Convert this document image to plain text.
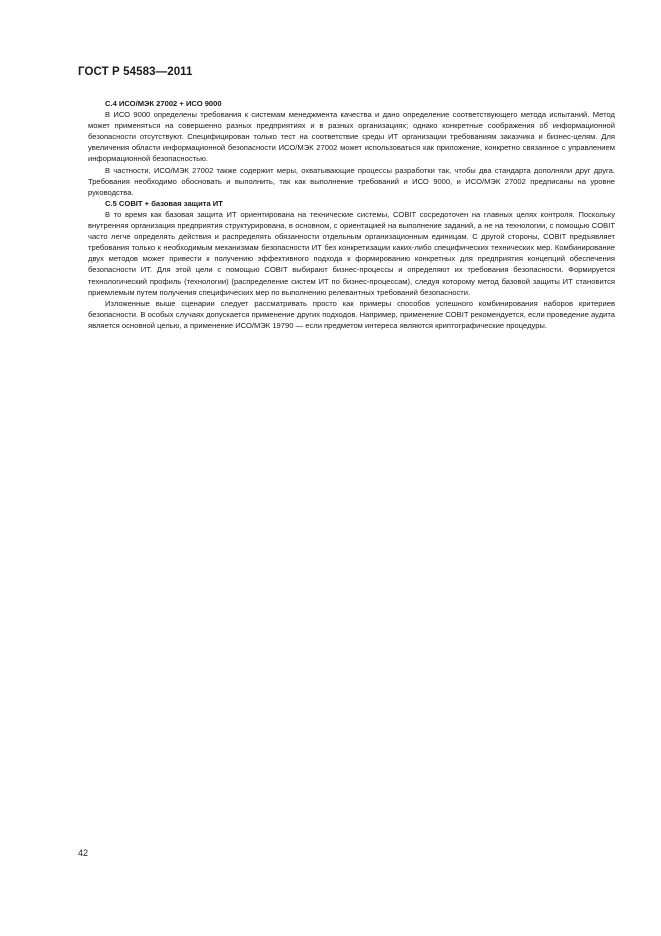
ГОСТ Р 54583—2011

C.4 ИСО/МЭК 27002 + ИСО 9000

В ИСО 9000 определены требования к системам менеджмента качества и дано определение соответствующего метода испытаний. Метод может применяться на совершенно разных предприятиях и в разных организациях; однако конкретные соображения об информационной безопасности отсутствуют. Специфицирован только тест на соответствие среды ИТ организации требованиям заказчика и бизнес-целям. Для увеличения области информационной безопасности ИСО/МЭК 27002 может использоваться как приложение, конкретно связанное с управлением информационной безопасностью.

В частности, ИСО/МЭК 27002 также содержит меры, охватывающие процессы разработки так, чтобы два стандарта дополняли друг друга. Требования необходимо обосновать и выполнить, так как выполнение требований и ИСО 9000, и ИСО/МЭК 27002 предписаны на уровне руководства.

C.5 COBIT + базовая защита ИТ

В то время как базовая защита ИТ ориентирована на технические системы, COBIT сосредоточен на главных целях контроля. Поскольку внутренняя организация предприятия структурирована, в основном, с ориентацией на выполнение заданий, а не на технологии, с помощью COBIT часто легче определять действия и распределять обязанности отдельным организационным единицам. С другой стороны, COBIT предъявляет требования только к необходимым механизмам безопасности ИТ без конкретизации каких-либо специфических технических мер. Комбинирование двух методов может привести к получению эффективного подхода к формированию конкретных для предприятия концепций обеспечения безопасности ИТ. Для этой цели с помощью COBIT выбирают бизнес-процессы и определяют их требования безопасности. Формируется технологический профиль (технологии) (распределение систем ИТ по бизнес-процессам), следуя которому метод базовой защиты ИТ становится приемлемым путем получения специфических мер по выполнению релевантных требований безопасности.

Изложенные выше сценарии следует рассматривать просто как примеры способов успешного комбинирования наборов критериев безопасности. В особых случаях допускается применение других подходов. Например, применение COBIT рекомендуется, если проведение аудита является основной целью, а применение ИСО/МЭК 19790 — если предметом интереса являются криптографические процедуры.

42
